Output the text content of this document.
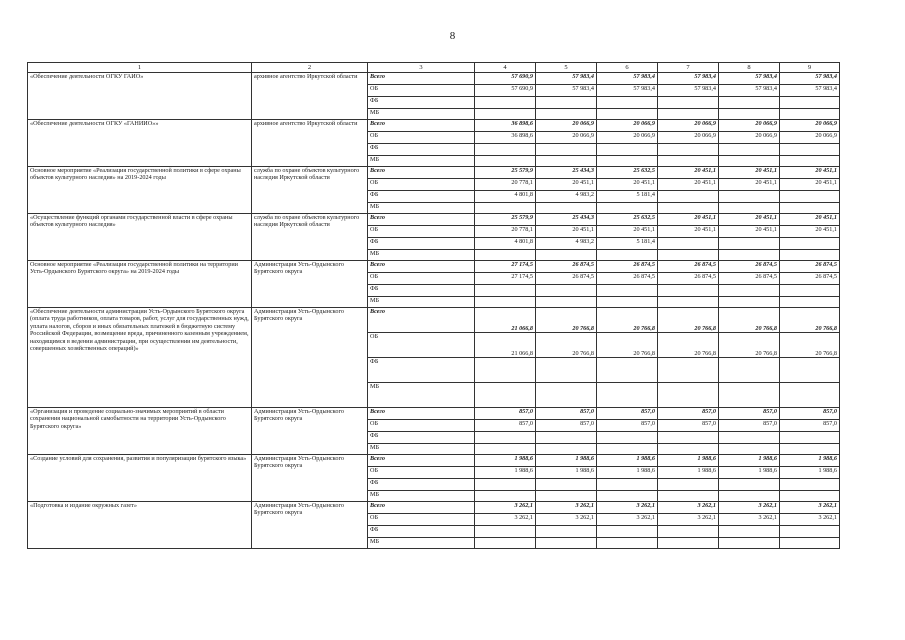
8
1	2	3	4	5	6	7	8	9
«Обеспечение деятельности ОГКУ ГАИО»	архивное агентство Иркутской области	Всего	57 690,9	57 983,4	57 983,4	57 983,4	57 983,4	57 983,4
		ОБ	57 690,9	57 983,4	57 983,4	57 983,4	57 983,4	57 983,4
		ФБ						
		МБ						
«Обеспечение деятельности ОГКУ «ГАНИИО»»	архивное агентство Иркутской области	Всего	36 898,6	20 066,9	20 066,9	20 066,9	20 066,9	20 066,9
		ОБ	36 898,6	20 066,9	20 066,9	20 066,9	20 066,9	20 066,9
		ФБ						
		МБ						
Основное мероприятие «Реализация государственной политики в сфере охраны объектов культурного наследия» на 2019-2024 годы	служба по охране объектов культурного наследия Иркутской области	Всего	25 579,9	25 434,3	25 632,5	20 451,1	20 451,1	20 451,1
		ОБ	20 778,1	20 451,1	20 451,1	20 451,1	20 451,1	20 451,1
		ФБ	4 801,8	4 983,2	5 181,4			
		МБ						
«Осуществление функций органами государственной власти в сфере охраны объектов культурного наследия»	служба по охране объектов культурного наследия Иркутской области	Всего	25 579,9	25 434,3	25 632,5	20 451,1	20 451,1	20 451,1
		ОБ	20 778,1	20 451,1	20 451,1	20 451,1	20 451,1	20 451,1
		ФБ	4 801,8	4 983,2	5 181,4			
		МБ						
Основное мероприятие «Реализация государственной политики на территории Усть-Ордынского Бурятского округа» на 2019-2024 годы	Администрация Усть-Ордынского Бурятского округа	Всего	27 174,5	26 874,5	26 874,5	26 874,5	26 874,5	26 874,5
		ОБ	27 174,5	26 874,5	26 874,5	26 874,5	26 874,5	26 874,5
		ФБ						
		МБ						
«Обеспечение деятельности администрации Усть-Ордынского Бурятского округа (оплата труда работников, оплата товаров, работ, услуг для государственных нужд, уплата налогов, сборов и иных обязательных платежей в бюджетную систему Российской Федерации, возмещение вреда, причиненного казенным учреждением, находящимся в ведении администрации, при осуществлении им деятельности, совершенных хозяйственных операций)»	Администрация Усть-Ордынского Бурятского округа	Всего	21 066,8	20 766,8	20 766,8	20 766,8	20 766,8	20 766,8
		ОБ	21 066,8	20 766,8	20 766,8	20 766,8	20 766,8	20 766,8
		ФБ						
		МБ						
«Организация и проведение социально-значимых мероприятий в области сохранения национальной самобытности на территории Усть-Ордынского Бурятского округа»	Администрация Усть-Ордынского Бурятского округа	Всего	857,0	857,0	857,0	857,0	857,0	857,0
		ОБ	857,0	857,0	857,0	857,0	857,0	857,0
		ФБ						
		МБ						
«Создание условий для сохранения, развития и популяризации бурятского языка»	Администрация Усть-Ордынского Бурятского округа	Всего	1 988,6	1 988,6	1 988,6	1 988,6	1 988,6	1 988,6
		ОБ	1 988,6	1 988,6	1 988,6	1 988,6	1 988,6	1 988,6
		ФБ						
		МБ						
«Подготовка и издание окружных газет»	Администрация Усть-Ордынского Бурятского округа	Всего	3 262,1	3 262,1	3 262,1	3 262,1	3 262,1	3 262,1
		ОБ	3 262,1	3 262,1	3 262,1	3 262,1	3 262,1	3 262,1
		ФБ						
		МБ						
